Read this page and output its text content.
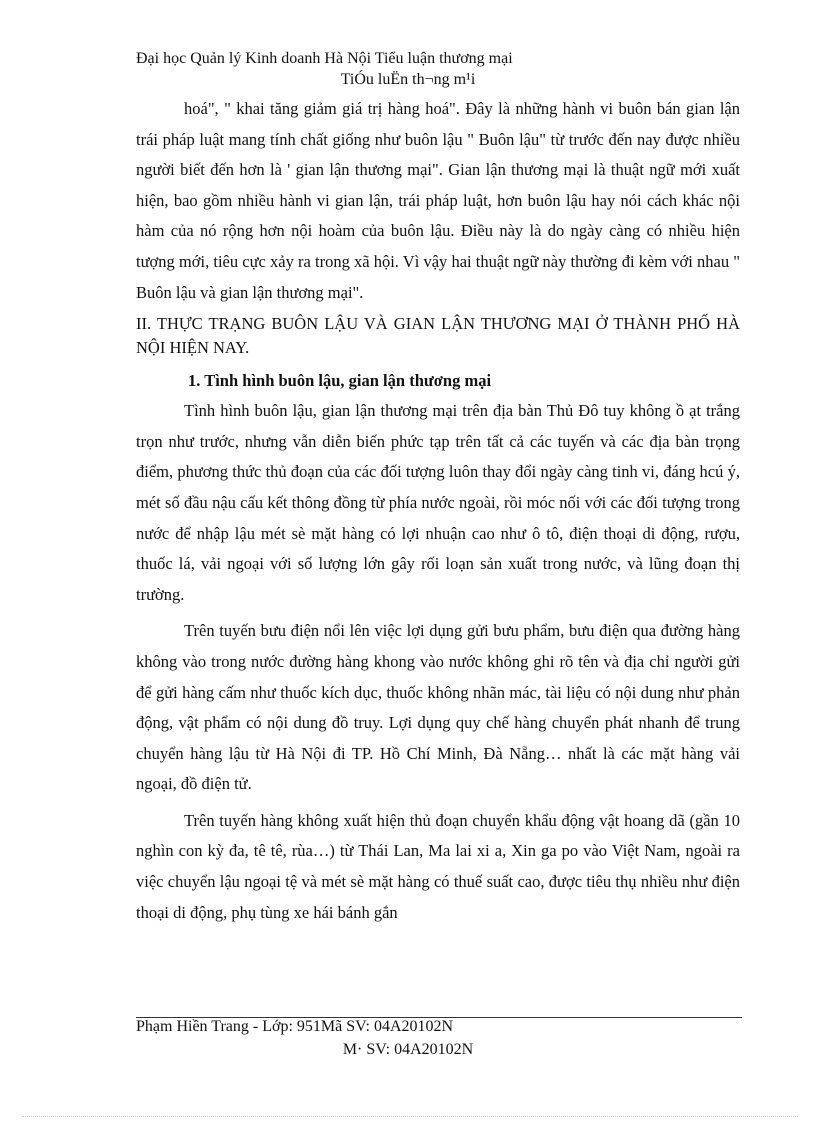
Đại học Quản lý Kinh doanh Hà Nội Tiểu luận thương mại
TiÓu luËn th¬ng m¹i

hoá", " khai tăng giảm giá trị hàng hoá". Đây là những hành vi buôn bán gian lận trái pháp luật mang tính chất giống như buôn lậu " Buôn lậu" từ trước đến nay được nhiều người biết đến hơn là ' gian lận thương mại". Gian lận thương mại là thuật ngữ mới xuất hiện, bao gồm nhiều hành vi gian lận, trái pháp luật, hơn buôn lậu hay nói cách khác nội hàm của nó rộng hơn nội hoàm của buôn lậu. Điều này là do ngày càng có nhiều hiện tượng mới, tiêu cực xảy ra trong xã hội. Vì vậy hai thuật ngữ này thường đi kèm với nhau " Buôn lậu và gian lận thương mại".

II. THỰC TRẠNG BUÔN LẬU VÀ GIAN LẬN THƯƠNG MẠI Ở THÀNH PHỐ HÀ NỘI HIỆN NAY.

1. Tình hình buôn lậu, gian lận thương mại

Tình hình buôn lậu, gian lận thương mại trên địa bàn Thủ Đô tuy không ồ ạt trắng trọn như trước, nhưng vẫn diễn biến phức tạp trên tất cả các tuyến và các địa bàn trọng điểm, phương thức thủ đoạn của các đối tượng luôn thay đổi ngày càng tinh vi, đáng hcú ý, mét số đầu nậu cấu kết thông đồng từ phía nước ngoài, rồi móc nối với các đối tượng trong nước để nhập lậu mét sè mặt hàng có lợi nhuận cao như ô tô, điện thoại di động, rượu, thuốc lá, vải ngoại với số lượng lớn gây rối loạn sản xuất trong nước, và lũng đoạn thị trường.

Trên tuyến bưu điện nổi lên việc lợi dụng gửi bưu phẩm, bưu điện qua đường hàng không vào trong nước đường hàng khong vào nước không ghi rõ tên và địa chỉ người gửi để gửi hàng cấm như thuốc kích dục, thuốc không nhãn mác, tài liệu có nội dung như phản động, vật phẩm có nội dung đồ truy. Lợi dụng quy chế hàng chuyển phát nhanh để trung chuyển hàng lậu từ Hà Nội đi TP. Hồ Chí Minh, Đà Nẵng… nhất là các mặt hàng vải ngoại, đồ điện tử.

Trên tuyến hàng không xuất hiện thủ đoạn chuyển khẩu động vật hoang dã (gần 10 nghìn con kỳ đa, tê tê, rùa…) từ Thái Lan, Ma lai xi a, Xin ga po vào Việt Nam, ngoài ra việc chuyển lậu ngoại tệ và mét sè mặt hàng có thuế suất cao, được tiêu thụ nhiều như điện thoại di động, phụ tùng xe hái bánh gắn

Phạm Hiền Trang - Lớp: 951Mã SV: 04A20102N
M· SV: 04A20102N
